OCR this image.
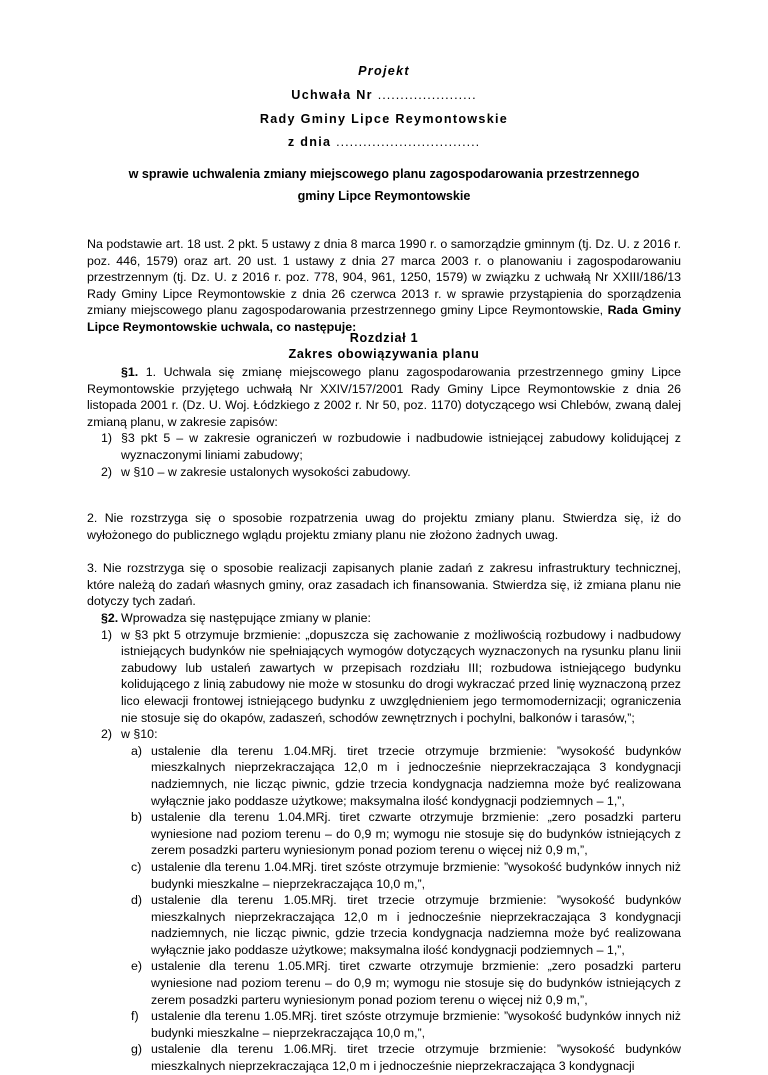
Projekt
Uchwała Nr ......................
Rady Gminy Lipce Reymontowskie
z dnia ................................
w sprawie uchwalenia zmiany miejscowego planu zagospodarowania przestrzennego
gminy Lipce Reymontowskie
Na podstawie art. 18 ust. 2 pkt. 5 ustawy z dnia 8 marca 1990 r. o samorządzie gminnym (tj. Dz. U. z 2016 r. poz. 446, 1579) oraz art. 20 ust. 1 ustawy z dnia 27 marca 2003 r. o planowaniu i zagospodarowaniu przestrzennym (tj. Dz. U. z 2016 r. poz. 778, 904, 961, 1250, 1579) w związku z uchwałą Nr XXIII/186/13 Rady Gminy Lipce Reymontowskie z dnia 26 czerwca 2013 r. w sprawie przystąpienia do sporządzenia zmiany miejscowego planu zagospodarowania przestrzennego gminy Lipce Reymontowskie, Rada Gminy Lipce Reymontowskie uchwala, co następuje:
Rozdział 1
Zakres obowiązywania planu
§1. 1. Uchwala się zmianę miejscowego planu zagospodarowania przestrzennego gminy Lipce Reymontowskie przyjętego uchwałą Nr XXIV/157/2001 Rady Gminy Lipce Reymontowskie z dnia 26 listopada 2001 r. (Dz. U. Woj. Łódzkiego z 2002 r. Nr 50, poz. 1170) dotyczącego wsi Chlebów, zwaną dalej zmianą planu, w zakresie zapisów:
1) §3 pkt 5 – w zakresie ograniczeń w rozbudowie i nadbudowie istniejącej zabudowy kolidującej z wyznaczonymi liniami zabudowy;
2) w §10 – w zakresie ustalonych wysokości zabudowy.
2. Nie rozstrzyga się o sposobie rozpatrzenia uwag do projektu zmiany planu. Stwierdza się, iż do wyłożonego do publicznego wglądu projektu zmiany planu nie złożono żadnych uwag.
3. Nie rozstrzyga się o sposobie realizacji zapisanych planie zadań z zakresu infrastruktury technicznej, które należą do zadań własnych gminy, oraz zasadach ich finansowania. Stwierdza się, iż zmiana planu nie dotyczy tych zadań.
§2. Wprowadza się następujące zmiany w planie:
1) w §3 pkt 5 otrzymuje brzmienie: „dopuszcza się zachowanie z możliwością rozbudowy i nadbudowy istniejących budynków nie spełniających wymogów dotyczących wyznaczonych na rysunku planu linii zabudowy lub ustaleń zawartych w przepisach rozdziału III; rozbudowa istniejącego budynku kolidującego z linią zabudowy nie może w stosunku do drogi wykraczać przed linię wyznaczoną przez lico elewacji frontowej istniejącego budynku z uwzględnieniem jego termomodernizacji; ograniczenia nie stosuje się do okapów, zadaszeń, schodów zewnętrznych i pochylni, balkonów i tarasów,”;
2) w §10:
a) ustalenie dla terenu 1.04.MRj. tiret trzecie otrzymuje brzmienie: ”wysokość budynków mieszkalnych nieprzekraczająca 12,0 m i jednocześnie nieprzekraczająca 3 kondygnacji nadziemnych, nie licząc piwnic, gdzie trzecia kondygnacja nadziemna może być realizowana wyłącznie jako poddasze użytkowe; maksymalna ilość kondygnacji podziemnych – 1,”,
b) ustalenie dla terenu 1.04.MRj. tiret czwarte otrzymuje brzmienie: „zero posadzki parteru wyniesione nad poziom terenu – do 0,9 m; wymogu nie stosuje się do budynków istniejących z zerem posadzki parteru wyniesionym ponad poziom terenu o więcej niż 0,9 m,”,
c) ustalenie dla terenu 1.04.MRj. tiret szóste otrzymuje brzmienie: ”wysokość budynków innych niż budynki mieszkalne – nieprzekraczająca 10,0 m,”,
d) ustalenie dla terenu 1.05.MRj. tiret trzecie otrzymuje brzmienie: ”wysokość budynków mieszkalnych nieprzekraczająca 12,0 m i jednocześnie nieprzekraczająca 3 kondygnacji nadziemnych, nie licząc piwnic, gdzie trzecia kondygnacja nadziemna może być realizowana wyłącznie jako poddasze użytkowe; maksymalna ilość kondygnacji podziemnych – 1,”,
e) ustalenie dla terenu 1.05.MRj. tiret czwarte otrzymuje brzmienie: „zero posadzki parteru wyniesione nad poziom terenu – do 0,9 m; wymogu nie stosuje się do budynków istniejących z zerem posadzki parteru wyniesionym ponad poziom terenu o więcej niż 0,9 m,”,
f) ustalenie dla terenu 1.05.MRj. tiret szóste otrzymuje brzmienie: ”wysokość budynków innych niż budynki mieszkalne – nieprzekraczająca 10,0 m,”,
g) ustalenie dla terenu 1.06.MRj. tiret trzecie otrzymuje brzmienie: ”wysokość budynków mieszkalnych nieprzekraczająca 12,0 m i jednocześnie nieprzekraczająca 3 kondygnacji
